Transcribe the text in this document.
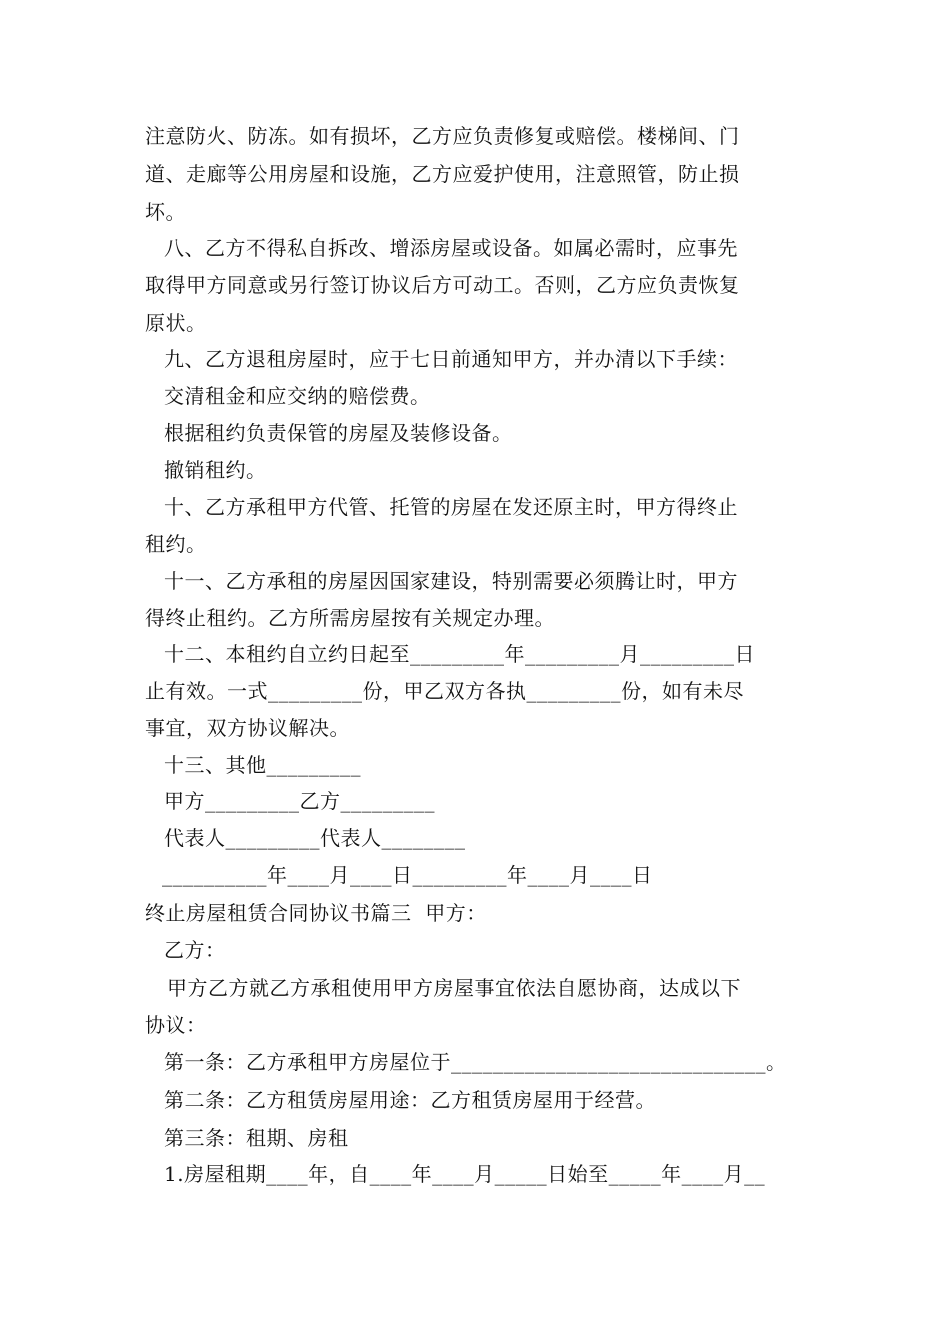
注意防火、防冻。如有损坏，乙方应负责修复或赔偿。楼梯间、门
道、走廊等公用房屋和设施，乙方应爱护使用，注意照管，防止损
坏。
八、乙方不得私自拆改、增添房屋或设备。如属必需时，应事先
取得甲方同意或另行签订协议后方可动工。否则，乙方应负责恢复
原状。
九、乙方退租房屋时，应于七日前通知甲方，并办清以下手续：
交清租金和应交纳的赔偿费。
根据租约负责保管的房屋及装修设备。
撤销租约。
十、乙方承租甲方代管、托管的房屋在发还原主时，甲方得终止
租约。
十一、乙方承租的房屋因国家建设，特别需要必须腾让时，甲方
得终止租约。乙方所需房屋按有关规定办理。
十二、本租约自立约日起至_________年_________月_________日
止有效。一式_________份，甲乙双方各执_________份，如有未尽
事宜，双方协议解决。
十三、其他_________
甲方_________乙方_________
代表人_________代表人________
__________年____月____日_________年____月____日
终止房屋租赁合同协议书篇三  甲方：
乙方：
甲方乙方就乙方承租使用甲方房屋事宜依法自愿协商，达成以下
协议：
第一条：乙方承租甲方房屋位于______________________________。
第二条：乙方租赁房屋用途：乙方租赁房屋用于经营。
第三条：租期、房租
1.房屋租期____年，自____年____月_____日始至_____年____月__
